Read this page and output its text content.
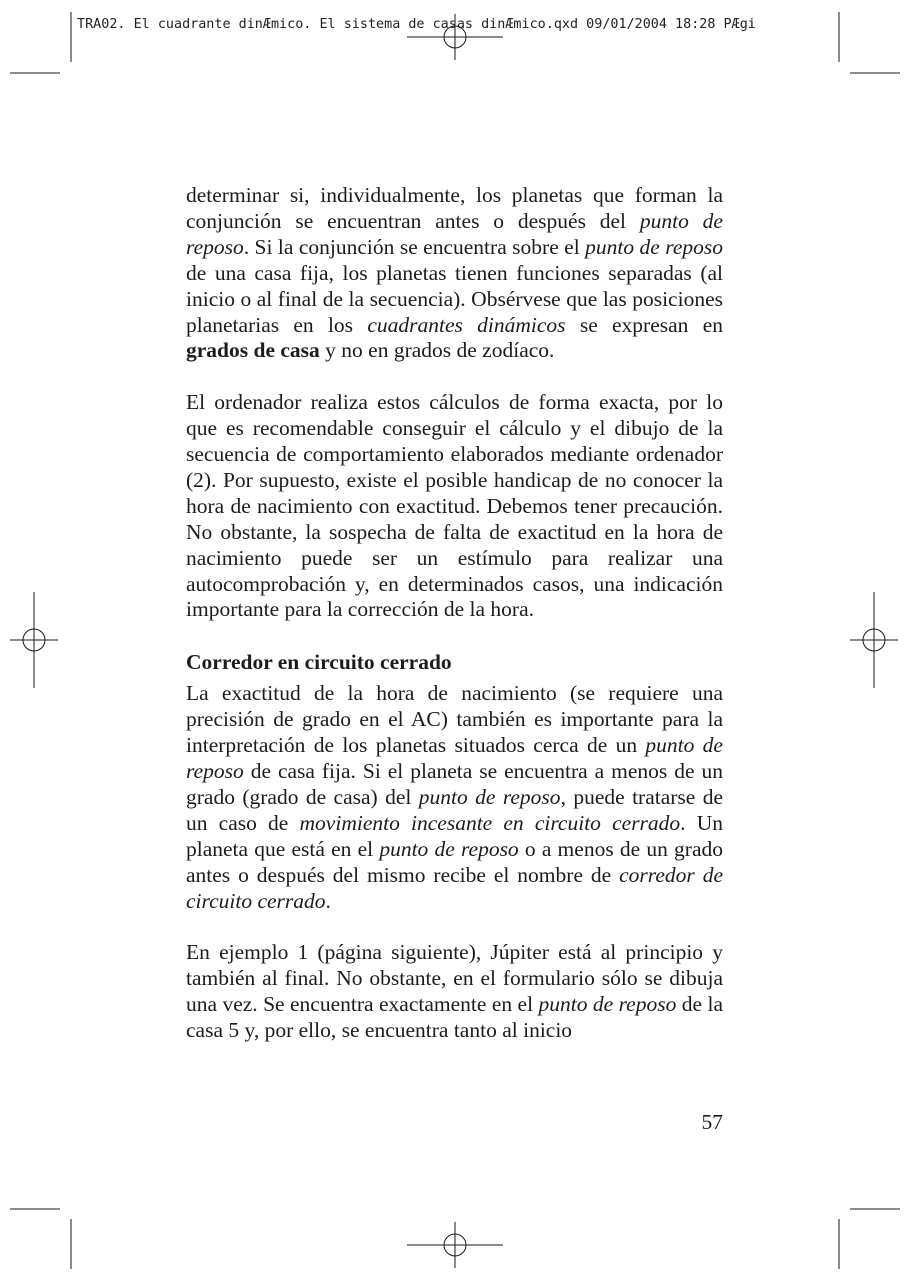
TRA02. El cuadrante dinÆmico. El sistema de casas dinÆmico.qxd 09/01/2004 18:28 PÆgi

determinar si, individualmente, los planetas que forman la conjunción se encuentran antes o después del punto de reposo. Si la conjunción se encuentra sobre el punto de reposo de una casa fija, los planetas tienen funciones separadas (al inicio o al final de la secuencia). Obsérvese que las posiciones planetarias en los cuadrantes dinámicos se expresan en grados de casa y no en grados de zodíaco.

El ordenador realiza estos cálculos de forma exacta, por lo que es recomendable conseguir el cálculo y el dibujo de la secuencia de comportamiento elaborados mediante ordenador (2). Por supuesto, existe el posible handicap de no conocer la hora de nacimiento con exactitud. Debemos tener precaución. No obstante, la sospecha de falta de exactitud en la hora de nacimiento puede ser un estímulo para realizar una autocomprobación y, en determinados casos, una indicación importante para la corrección de la hora.

Corredor en circuito cerrado

La exactitud de la hora de nacimiento (se requiere una precisión de grado en el AC) también es importante para la interpretación de los planetas situados cerca de un punto de reposo de casa fija. Si el planeta se encuentra a menos de un grado (grado de casa) del punto de reposo, puede tratarse de un caso de movimiento incesante en circuito cerrado. Un planeta que está en el punto de reposo o a menos de un grado antes o después del mismo recibe el nombre de corredor de circuito cerrado.

En ejemplo 1 (página siguiente), Júpiter está al principio y también al final. No obstante, en el formulario sólo se dibuja una vez. Se encuentra exactamente en el punto de reposo de la casa 5 y, por ello, se encuentra tanto al inicio

57
